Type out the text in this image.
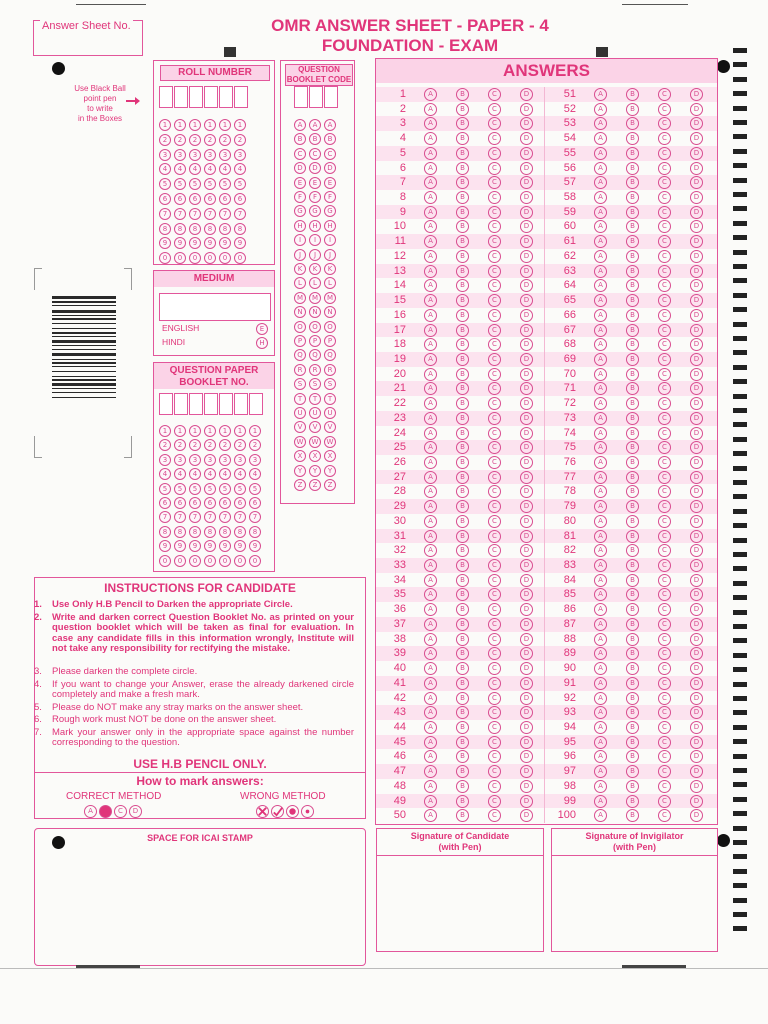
Answer Sheet No.	OMR ANSWER SHEET - PAPER - 4
FOUNDATION - EXAM
ROLL NUMBER
1	1	1	1	1	1
2	2	2	2	2	2
3	3	3	3	3	3
4	4	4	4	4	4
5	5	5	5	5	5
6	6	6	6	6	6
7	7	7	7	7	7
8	8	8	8	8	8
9	9	9	9	9	9
0	0	0	0	0	0
Use Black Ball
point pen
to write
in the Boxes
QUESTION
BOOKLET CODE
A	A	A
B	B	B
C	C	C
D	D	D
E	E	E
F	F	F
G	G	G
H	H	H
I	I	I
J	J	J
K	K	K
L	L	L
M	M	M
N	N	N
O	O	O
P	P	P
Q	Q	Q
R	R	R
S	S	S
T	T	T
U	U	U
V	V	V
W	W	W
X	X	X
Y	Y	Y
Z	Z	Z
MEDIUM
ENGLISH	E
HINDI	H
QUESTION PAPER
BOOKLET NO.
1	1	1	1	1	1	1
2	2	2	2	2	2	2
3	3	3	3	3	3	3
4	4	4	4	4	4	4
5	5	5	5	5	5	5
6	6	6	6	6	6	6
7	7	7	7	7	7	7
8	8	8	8	8	8	8
9	9	9	9	9	9	9
0	0	0	0	0	0	0
ANSWERS
1	A	B	C	D	51	A	B	C	D
2	A	B	C	D	52	A	B	C	D
3	A	B	C	D	53	A	B	C	D
4	A	B	C	D	54	A	B	C	D
5	A	B	C	D	55	A	B	C	D
6	A	B	C	D	56	A	B	C	D
7	A	B	C	D	57	A	B	C	D
8	A	B	C	D	58	A	B	C	D
9	A	B	C	D	59	A	B	C	D
10	A	B	C	D	60	A	B	C	D
11	A	B	C	D	61	A	B	C	D
12	A	B	C	D	62	A	B	C	D
13	A	B	C	D	63	A	B	C	D
14	A	B	C	D	64	A	B	C	D
15	A	B	C	D	65	A	B	C	D
16	A	B	C	D	66	A	B	C	D
17	A	B	C	D	67	A	B	C	D
18	A	B	C	D	68	A	B	C	D
19	A	B	C	D	69	A	B	C	D
20	A	B	C	D	70	A	B	C	D
21	A	B	C	D	71	A	B	C	D
22	A	B	C	D	72	A	B	C	D
23	A	B	C	D	73	A	B	C	D
24	A	B	C	D	74	A	B	C	D
25	A	B	C	D	75	A	B	C	D
26	A	B	C	D	76	A	B	C	D
27	A	B	C	D	77	A	B	C	D
28	A	B	C	D	78	A	B	C	D
29	A	B	C	D	79	A	B	C	D
30	A	B	C	D	80	A	B	C	D
31	A	B	C	D	81	A	B	C	D
32	A	B	C	D	82	A	B	C	D
33	A	B	C	D	83	A	B	C	D
34	A	B	C	D	84	A	B	C	D
35	A	B	C	D	85	A	B	C	D
36	A	B	C	D	86	A	B	C	D
37	A	B	C	D	87	A	B	C	D
38	A	B	C	D	88	A	B	C	D
39	A	B	C	D	89	A	B	C	D
40	A	B	C	D	90	A	B	C	D
41	A	B	C	D	91	A	B	C	D
42	A	B	C	D	92	A	B	C	D
43	A	B	C	D	93	A	B	C	D
44	A	B	C	D	94	A	B	C	D
45	A	B	C	D	95	A	B	C	D
46	A	B	C	D	96	A	B	C	D
47	A	B	C	D	97	A	B	C	D
48	A	B	C	D	98	A	B	C	D
49	A	B	C	D	99	A	B	C	D
50	A	B	C	D	100	A	B	C	D
INSTRUCTIONS FOR CANDIDATE
1.	Use Only H.B Pencil to Darken the appropriate Circle.
2.	Write and darken correct Question Booklet No. as printed on your question booklet which will be taken as final for evaluation. In case any candidate fills in this information wrongly, Institute will not take any responsibility for rectifying the mistake.
3.	Please darken the complete circle.
4.	If you want to change your Answer, erase the already darkened circle completely and make a fresh mark.
5.	Please do NOT make any stray marks on the answer sheet.
6.	Rough work must NOT be done on the answer sheet.
7.	Mark your answer only in the appropriate space against the number corresponding to the question.
USE H.B PENCIL ONLY.
How to mark answers:
CORRECT METHOD	WRONG METHOD
A	B	C	D
SPACE FOR ICAI STAMP	Signature of Candidate
(with Pen)
Signature of Invigilator
(with Pen)
